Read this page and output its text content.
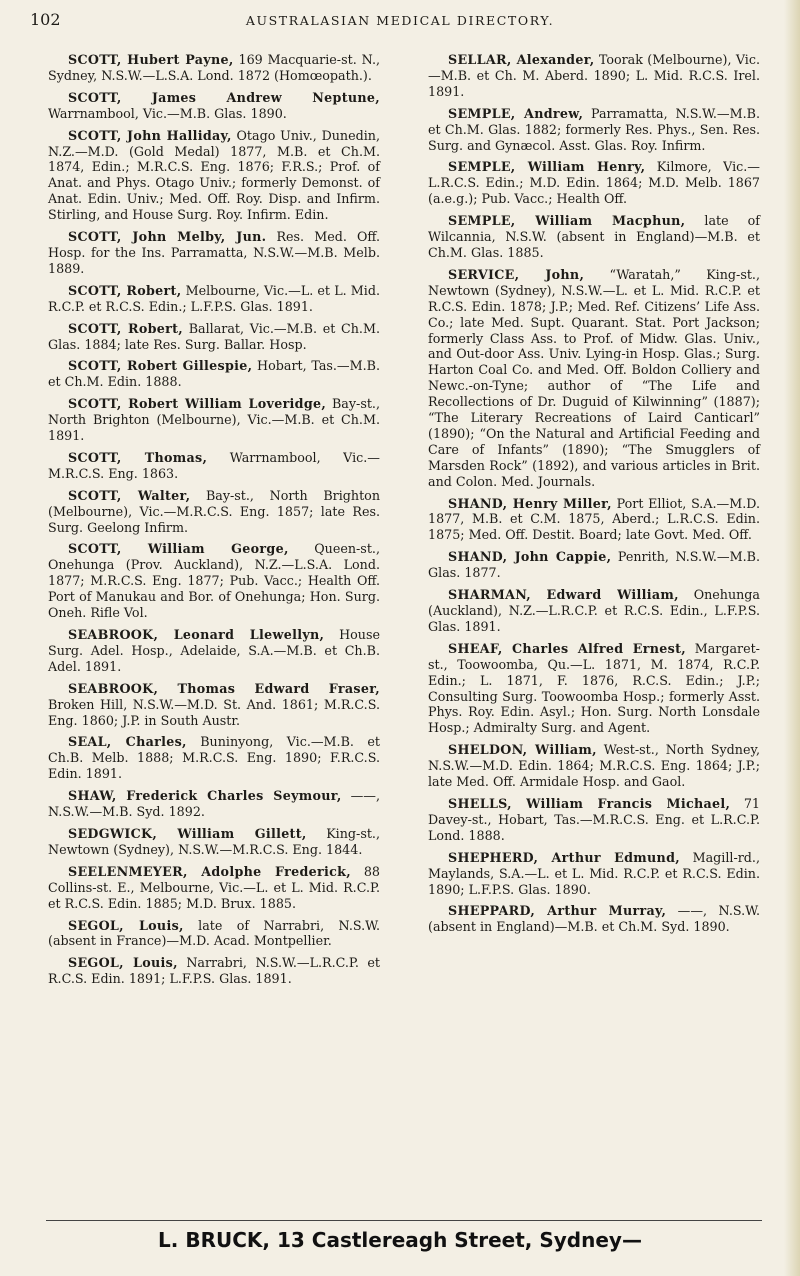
102	AUSTRALASIAN MEDICAL DIRECTORY.

SCOTT, Hubert Payne, 169 Macquarie-st. N., Sydney, N.S.W.—L.S.A. Lond. 1872 (Homœopath.).

SCOTT, James Andrew Neptune, Warrnambool, Vic.—M.B. Glas. 1890.

SCOTT, John Halliday, Otago Univ., Dunedin, N.Z.—M.D. (Gold Medal) 1877, M.B. et Ch.M. 1874, Edin.; M.R.C.S. Eng. 1876; F.R.S.; Prof. of Anat. and Phys. Otago Univ.; formerly Demonst. of Anat. Edin. Univ.; Med. Off. Roy. Disp. and Infirm. Stirling, and House Surg. Roy. Infirm. Edin.

SCOTT, John Melby, Jun. Res. Med. Off. Hosp. for the Ins. Parramatta, N.S.W.—M.B. Melb. 1889.

SCOTT, Robert, Melbourne, Vic.—L. et L. Mid. R.C.P. et R.C.S. Edin.; L.F.P.S. Glas. 1891.

SCOTT, Robert, Ballarat, Vic.—M.B. et Ch.M. Glas. 1884; late Res. Surg. Ballar. Hosp.

SCOTT, Robert Gillespie, Hobart, Tas.—M.B. et Ch.M. Edin. 1888.

SCOTT, Robert William Loveridge, Bay-st., North Brighton (Melbourne), Vic.—M.B. et Ch.M. 1891.

SCOTT, Thomas, Warrnambool, Vic.—M.R.C.S. Eng. 1863.

SCOTT, Walter, Bay-st., North Brighton (Melbourne), Vic.—M.R.C.S. Eng. 1857; late Res. Surg. Geelong Infirm.

SCOTT, William George, Queen-st., Onehunga (Prov. Auckland), N.Z.—L.S.A. Lond. 1877; M.R.C.S. Eng. 1877; Pub. Vacc.; Health Off. Port of Manukau and Bor. of Onehunga; Hon. Surg. Oneh. Rifle Vol.

SEABROOK, Leonard Llewellyn, House Surg. Adel. Hosp., Adelaide, S.A.—M.B. et Ch.B. Adel. 1891.

SEABROOK, Thomas Edward Fraser, Broken Hill, N.S.W.—M.D. St. And. 1861; M.R.C.S. Eng. 1860; J.P. in South Austr.

SEAL, Charles, Buninyong, Vic.—M.B. et Ch.B. Melb. 1888; M.R.C.S. Eng. 1890; F.R.C.S. Edin. 1891.

SHAW, Frederick Charles Seymour, ——, N.S.W.—M.B. Syd. 1892.

SEDGWICK, William Gillett, King-st., Newtown (Sydney), N.S.W.—M.R.C.S. Eng. 1844.

SEELENMEYER, Adolphe Frederick, 88 Collins-st. E., Melbourne, Vic.—L. et L. Mid. R.C.P. et R.C.S. Edin. 1885; M.D. Brux. 1885.

SEGOL, Louis, late of Narrabri, N.S.W. (absent in France)—M.D. Acad. Montpellier.

SEGOL, Louis, Narrabri, N.S.W.—L.R.C.P. et R.C.S. Edin. 1891; L.F.P.S. Glas. 1891.

SELLAR, Alexander, Toorak (Melbourne), Vic.—M.B. et Ch. M. Aberd. 1890; L. Mid. R.C.S. Irel. 1891.

SEMPLE, Andrew, Parramatta, N.S.W.—M.B. et Ch.M. Glas. 1882; formerly Res. Phys., Sen. Res. Surg. and Gynæcol. Asst. Glas. Roy. Infirm.

SEMPLE, William Henry, Kilmore, Vic.—L.R.C.S. Edin.; M.D. Edin. 1864; M.D. Melb. 1867 (a.e.g.); Pub. Vacc.; Health Off.

SEMPLE, William Macphun, late of Wilcannia, N.S.W. (absent in England)—M.B. et Ch.M. Glas. 1885.

SERVICE, John, “Waratah,” King-st., Newtown (Sydney), N.S.W.—L. et L. Mid. R.C.P. et R.C.S. Edin. 1878; J.P.; Med. Ref. Citizens’ Life Ass. Co.; late Med. Supt. Quarant. Stat. Port Jackson; formerly Class Ass. to Prof. of Midw. Glas. Univ., and Out-door Ass. Univ. Lying-in Hosp. Glas.; Surg. Harton Coal Co. and Med. Off. Boldon Colliery and Newc.-on-Tyne; author of “The Life and Recollections of Dr. Duguid of Kilwinning” (1887); “The Literary Recreations of Laird Canticarl” (1890); “On the Natural and Artificial Feeding and Care of Infants” (1890); “The Smugglers of Marsden Rock” (1892), and various articles in Brit. and Colon. Med. Journals.

SHAND, Henry Miller, Port Elliot, S.A.—M.D. 1877, M.B. et C.M. 1875, Aberd.; L.R.C.S. Edin. 1875; Med. Off. Destit. Board; late Govt. Med. Off.

SHAND, John Cappie, Penrith, N.S.W.—M.B. Glas. 1877.

SHARMAN, Edward William, Onehunga (Auckland), N.Z.—L.R.C.P. et R.C.S. Edin., L.F.P.S. Glas. 1891.

SHEAF, Charles Alfred Ernest, Margaret-st., Toowoomba, Qu.—L. 1871, M. 1874, R.C.P. Edin.; L. 1871, F. 1876, R.C.S. Edin.; J.P.; Consulting Surg. Toowoomba Hosp.; formerly Asst. Phys. Roy. Edin. Asyl.; Hon. Surg. North Lonsdale Hosp.; Admiralty Surg. and Agent.

SHELDON, William, West-st., North Sydney, N.S.W.—M.D. Edin. 1864; M.R.C.S. Eng. 1864; J.P.; late Med. Off. Armidale Hosp. and Gaol.

SHELLS, William Francis Michael, 71 Davey-st., Hobart, Tas.—M.R.C.S. Eng. et L.R.C.P. Lond. 1888.

SHEPHERD, Arthur Edmund, Magill-rd., Maylands, S.A.—L. et L. Mid. R.C.P. et R.C.S. Edin. 1890; L.F.P.S. Glas. 1890.

SHEPPARD, Arthur Murray, ——, N.S.W. (absent in England)—M.B. et Ch.M. Syd. 1890.

L. BRUCK, 13 Castlereagh Street, Sydney—
